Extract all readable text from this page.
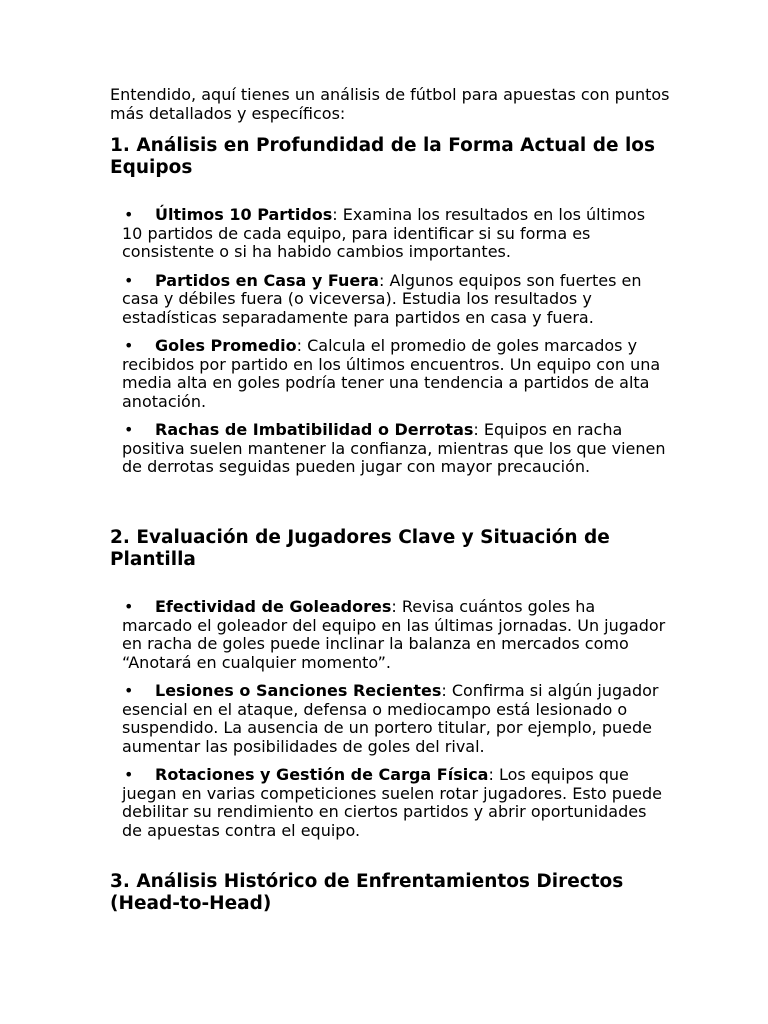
Entendido, aquí tienes un análisis de fútbol para apuestas con puntos más detallados y específicos:

1. Análisis en Profundidad de la Forma Actual de los Equipos
• Últimos 10 Partidos: Examina los resultados en los últimos 10 partidos de cada equipo, para identificar si su forma es consistente o si ha habido cambios importantes.
• Partidos en Casa y Fuera: Algunos equipos son fuertes en casa y débiles fuera (o viceversa). Estudia los resultados y estadísticas separadamente para partidos en casa y fuera.
• Goles Promedio: Calcula el promedio de goles marcados y recibidos por partido en los últimos encuentros. Un equipo con una media alta en goles podría tener una tendencia a partidos de alta anotación.
• Rachas de Imbatibilidad o Derrotas: Equipos en racha positiva suelen mantener la confianza, mientras que los que vienen de derrotas seguidas pueden jugar con mayor precaución.
2. Evaluación de Jugadores Clave y Situación de Plantilla
• Efectividad de Goleadores: Revisa cuántos goles ha marcado el goleador del equipo en las últimas jornadas. Un jugador en racha de goles puede inclinar la balanza en mercados como “Anotará en cualquier momento”.
• Lesiones o Sanciones Recientes: Confirma si algún jugador esencial en el ataque, defensa o mediocampo está lesionado o suspendido. La ausencia de un portero titular, por ejemplo, puede aumentar las posibilidades de goles del rival.
• Rotaciones y Gestión de Carga Física: Los equipos que juegan en varias competiciones suelen rotar jugadores. Esto puede debilitar su rendimiento en ciertos partidos y abrir oportunidades de apuestas contra el equipo.
3. Análisis Histórico de Enfrentamientos Directos (Head-to-Head)
